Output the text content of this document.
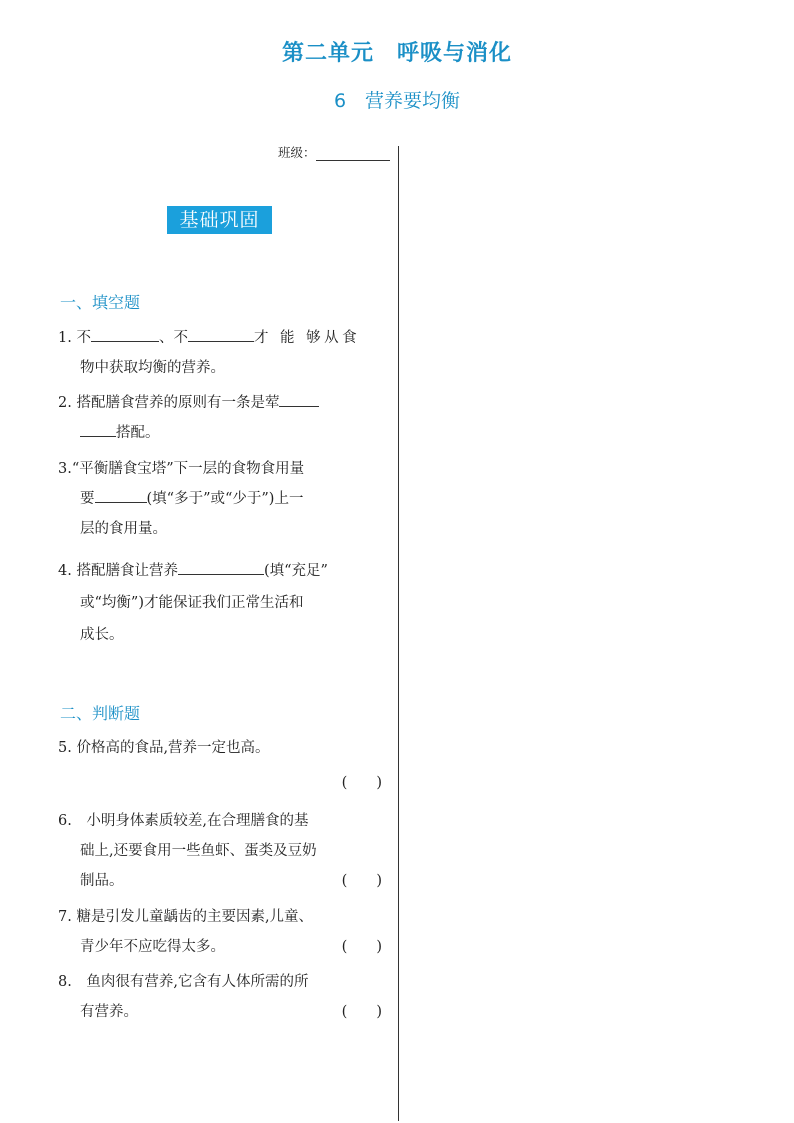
第二单元　呼吸与消化
6　营养要均衡
班级：
基础巩固
一、填空题
1. 不	、不	才 能 够从食
物中获取均衡的营养。
2. 搭配膳食营养的原则有一条是荤
搭配。
3.“平衡膳食宝塔”下一层的食物食用量
要	(填“多于”或“少于”)上一
层的食用量。
4. 搭配膳食让营养	(填“充足”
或“均衡”)才能保证我们正常生活和
成长。
二、判断题
5. 价格高的食品,营养一定也高。
(　　)
6.　小明身体素质较差,在合理膳食的基
础上,还要食用一些鱼虾、蛋类及豆奶
制品。	(　　)
7. 糖是引发儿童龋齿的主要因素,儿童、
青少年不应吃得太多。	(　　)
8.　鱼肉很有营养,它含有人体所需的所
有营养。	(　　)
